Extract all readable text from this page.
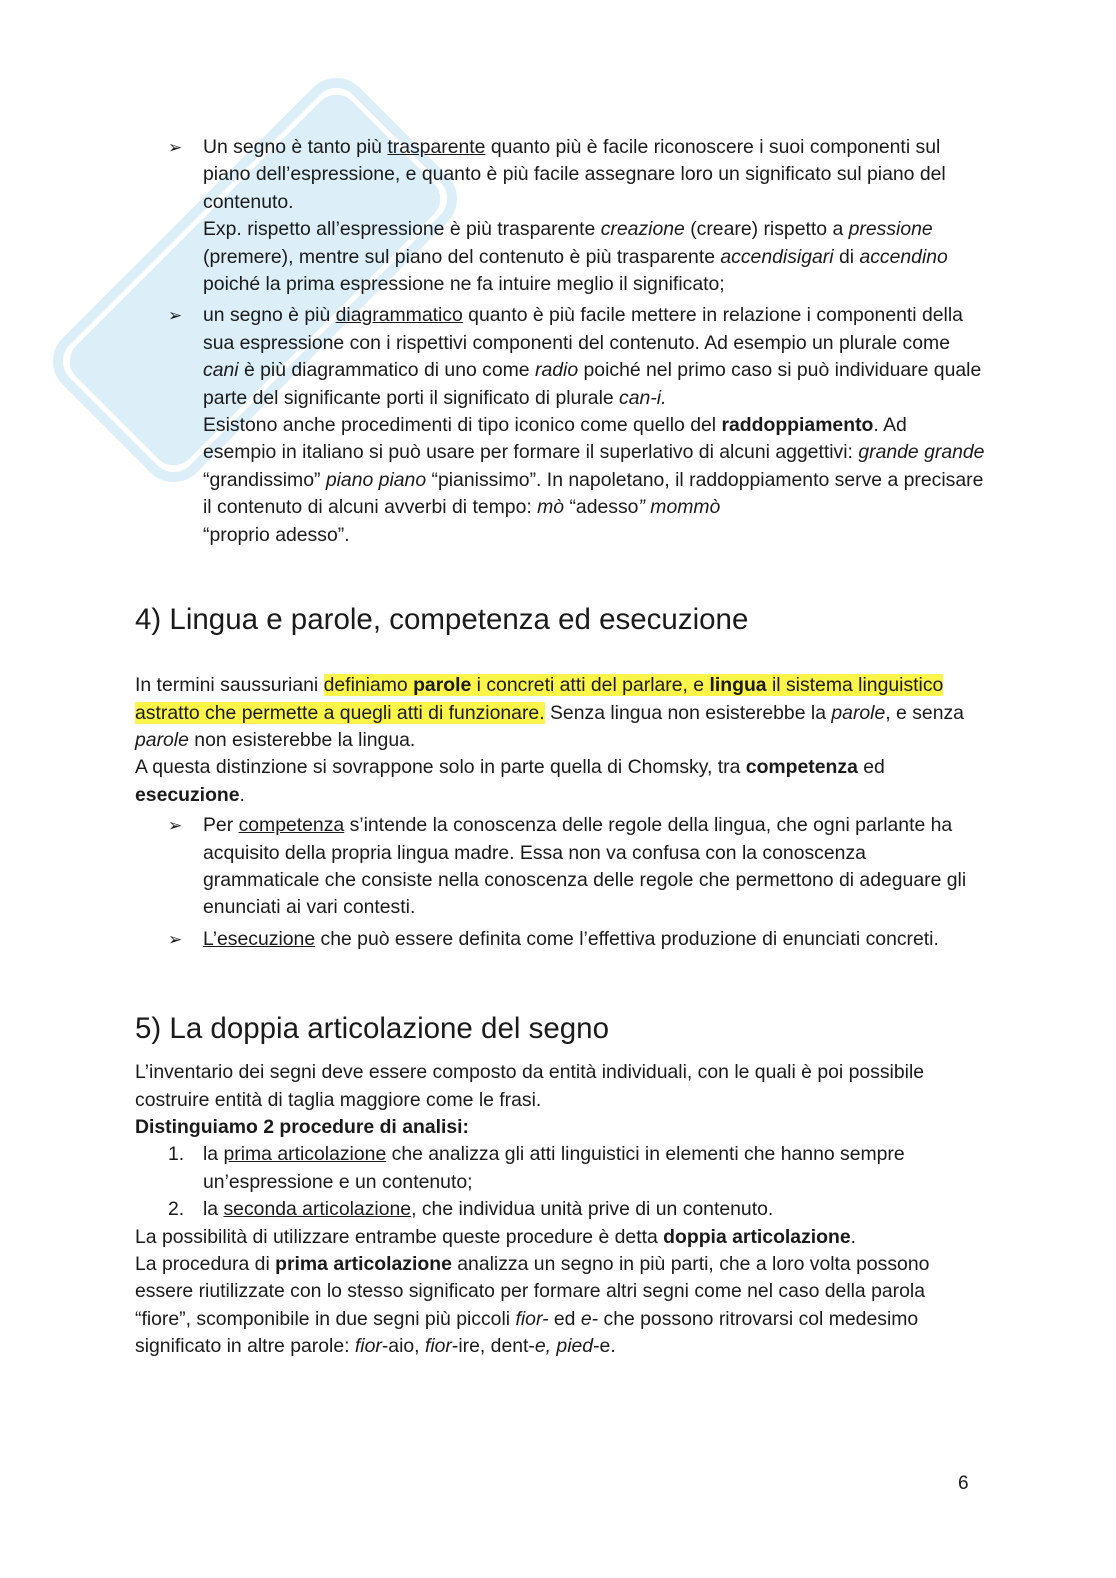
➢ Un segno è tanto più trasparente quanto più è facile riconoscere i suoi componenti sul piano dell’espressione, e quanto è più facile assegnare loro un significato sul piano del contenuto.
Exp. rispetto all’espressione è più trasparente creazione (creare) rispetto a pressione (premere), mentre sul piano del contenuto è più trasparente accendisigari di accendino poiché la prima espressione ne fa intuire meglio il significato;
➢ un segno è più diagrammatico quanto è più facile mettere in relazione i componenti della sua espressione con i rispettivi componenti del contenuto. Ad esempio un plurale come cani è più diagrammatico di uno come radio poiché nel primo caso si può individuare quale parte del significante porti il significato di plurale can-i.
Esistono anche procedimenti di tipo iconico come quello del raddoppiamento. Ad esempio in italiano si può usare per formare il superlativo di alcuni aggettivi: grande grande “grandissimo” piano piano “pianissimo”. In napoletano, il raddoppiamento serve a precisare il contenuto di alcuni avverbi di tempo: mò “adesso” mommò
“proprio adesso”.
4) Lingua e parole, competenza ed esecuzione

In termini saussuriani definiamo parole i concreti atti del parlare, e lingua il sistema linguistico astratto che permette a quegli atti di funzionare. Senza lingua non esisterebbe la parole, e senza parole non esisterebbe la lingua.

A questa distinzione si sovrappone solo in parte quella di Chomsky, tra competenza ed esecuzione.

➢ Per competenza s’intende la conoscenza delle regole della lingua, che ogni parlante ha acquisito della propria lingua madre. Essa non va confusa con la conoscenza grammaticale che consiste nella conoscenza delle regole che permettono di adeguare gli enunciati ai vari contesti.
➢ L’esecuzione che può essere definita come l’effettiva produzione di enunciati concreti.
5) La doppia articolazione del segno

L’inventario dei segni deve essere composto da entità individuali, con le quali è poi possibile costruire entità di taglia maggiore come le frasi.

Distinguiamo 2 procedure di analisi:

1. la prima articolazione che analizza gli atti linguistici in elementi che hanno sempre un’espressione e un contenuto;
2. la seconda articolazione, che individua unità prive di un contenuto.

La possibilità di utilizzare entrambe queste procedure è detta doppia articolazione.

La procedura di prima articolazione analizza un segno in più parti, che a loro volta possono essere riutilizzate con lo stesso significato per formare altri segni come nel caso della parola “fiore”, scomponibile in due segni più piccoli fior- ed e- che possono ritrovarsi col medesimo significato in altre parole: fior-aio, fior-ire, dent-e, pied-e.

6
